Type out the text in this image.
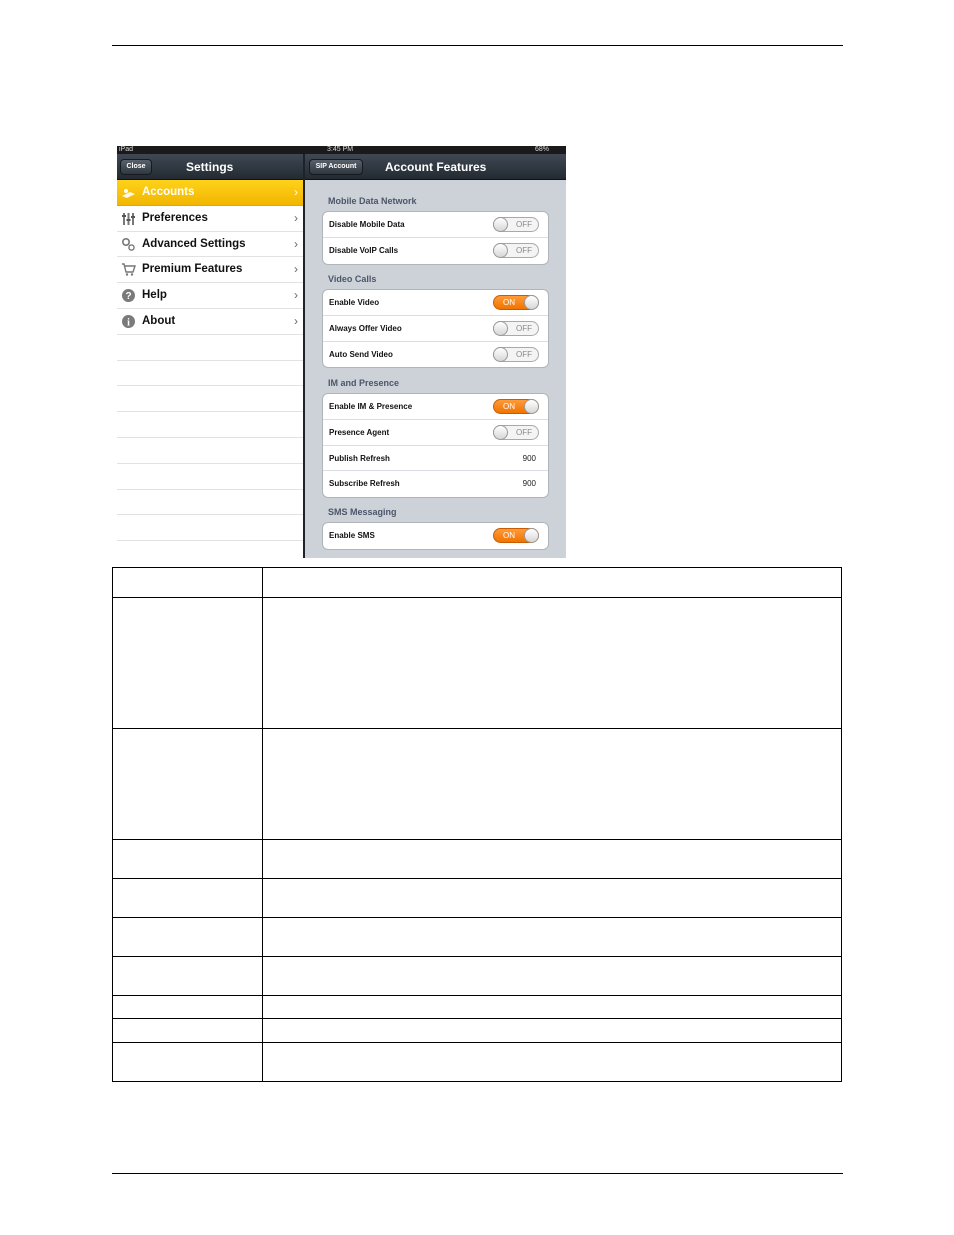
iPad	3:45 PM	68%
Close	Settings	SIP Account	Account Features
Accounts	›
Preferences	›
Advanced Settings	›
Premium Features	›
? Help	›
i About	›
Mobile Data Network
Disable Mobile Data	OFF
Disable VoIP Calls	OFF
Video Calls
Enable Video	ON
Always Offer Video	OFF
Auto Send Video	OFF
IM and Presence
Enable IM & Presence	ON
Presence Agent	OFF
Publish Refresh	900
Subscribe Refresh	900
SMS Messaging
Enable SMS	ON
